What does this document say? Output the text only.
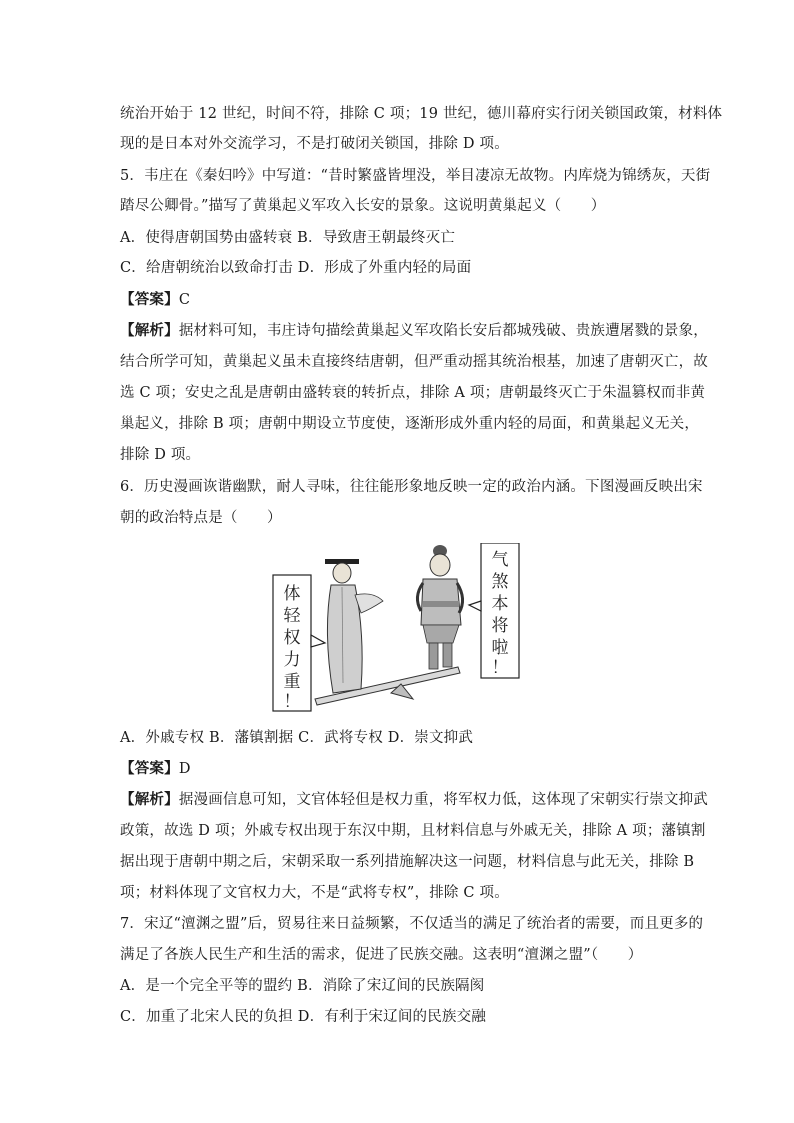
统治开始于 12 世纪，时间不符，排除 C 项；19 世纪，德川幕府实行闭关锁国政策，材料体
现的是日本对外交流学习，不是打破闭关锁国，排除 D 项。
5．韦庄在《秦妇吟》中写道：“昔时繁盛皆埋没，举目凄凉无故物。内库烧为锦绣灰，天街
踏尽公卿骨。”描写了黄巢起义军攻入长安的景象。这说明黄巢起义（　　）
A．使得唐朝国势由盛转衰 B．导致唐王朝最终灭亡
C．给唐朝统治以致命打击 D．形成了外重内轻的局面
【答案】C
【解析】据材料可知，韦庄诗句描绘黄巢起义军攻陷长安后都城残破、贵族遭屠戮的景象，
结合所学可知，黄巢起义虽未直接终结唐朝，但严重动摇其统治根基，加速了唐朝灭亡，故
选 C 项；安史之乱是唐朝由盛转衰的转折点，排除 A 项；唐朝最终灭亡于朱温篡权而非黄
巢起义，排除 B 项；唐朝中期设立节度使，逐渐形成外重内轻的局面，和黄巢起义无关，
排除 D 项。
6．历史漫画诙谐幽默，耐人寻味，往往能形象地反映一定的政治内涵。下图漫画反映出宋
朝的政治特点是（　　）
体
轻
权
力
重
！
气
煞
本
将
啦
！
A．外戚专权 B．藩镇割据 C．武将专权 D．崇文抑武
【答案】D
【解析】据漫画信息可知，文官体轻但是权力重，将军权力低，这体现了宋朝实行崇文抑武
政策，故选 D 项；外戚专权出现于东汉中期，且材料信息与外戚无关，排除 A 项；藩镇割
据出现于唐朝中期之后，宋朝采取一系列措施解决这一问题，材料信息与此无关，排除 B
项；材料体现了文官权力大，不是“武将专权”，排除 C 项。
7．宋辽“澶渊之盟”后，贸易往来日益频繁，不仅适当的满足了统治者的需要，而且更多的
满足了各族人民生产和生活的需求，促进了民族交融。这表明“澶渊之盟”（　　）
A．是一个完全平等的盟约 B．消除了宋辽间的民族隔阂
C．加重了北宋人民的负担 D．有利于宋辽间的民族交融
